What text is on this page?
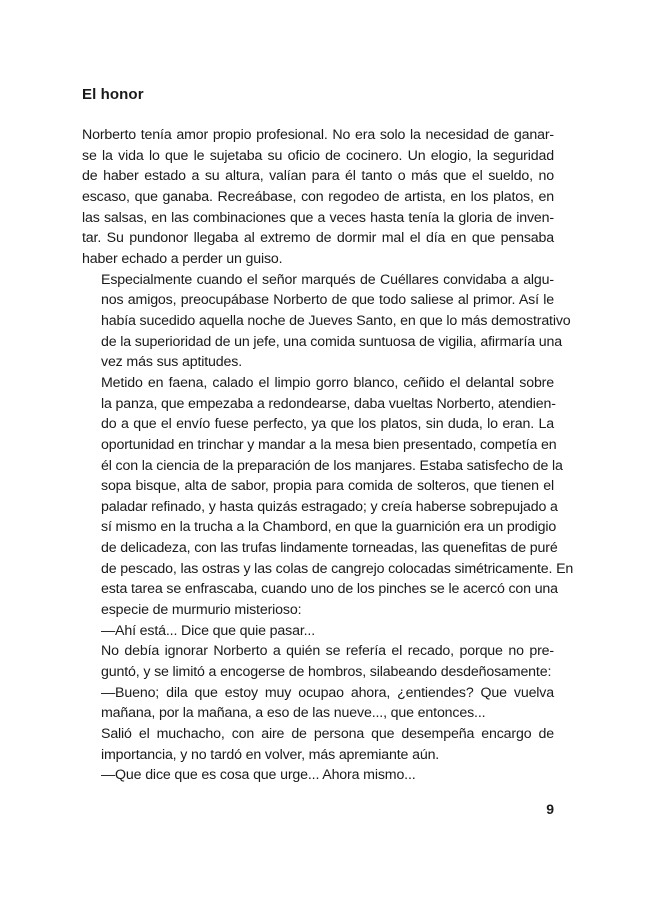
El honor

Norberto tenía amor propio profesional. No era solo la necesidad de ganar-
se la vida lo que le sujetaba su oficio de cocinero. Un elogio, la seguridad
de haber estado a su altura, valían para él tanto o más que el sueldo, no
escaso, que ganaba. Recreábase, con regodeo de artista, en los platos, en
las salsas, en las combinaciones que a veces hasta tenía la gloria de inven-
tar. Su pundonor llegaba al extremo de dormir mal el día en que pensaba
haber echado a perder un guiso.

Especialmente cuando el señor marqués de Cuéllares convidaba a algu-
nos amigos, preocupábase Norberto de que todo saliese al primor. Así le
había sucedido aquella noche de Jueves Santo, en que lo más demostrativo
de la superioridad de un jefe, una comida suntuosa de vigilia, afirmaría una
vez más sus aptitudes.

Metido en faena, calado el limpio gorro blanco, ceñido el delantal sobre
la panza, que empezaba a redondearse, daba vueltas Norberto, atendien-
do a que el envío fuese perfecto, ya que los platos, sin duda, lo eran. La
oportunidad en trinchar y mandar a la mesa bien presentado, competía en
él con la ciencia de la preparación de los manjares. Estaba satisfecho de la
sopa bisque, alta de sabor, propia para comida de solteros, que tienen el
paladar refinado, y hasta quizás estragado; y creía haberse sobrepujado a
sí mismo en la trucha a la Chambord, en que la guarnición era un prodigio
de delicadeza, con las trufas lindamente torneadas, las quenefitas de puré
de pescado, las ostras y las colas de cangrejo colocadas simétricamente. En
esta tarea se enfrascaba, cuando uno de los pinches se le acercó con una
especie de murmurio misterioso:

—Ahí está... Dice que quie pasar...

No debía ignorar Norberto a quién se refería el recado, porque no pre-
guntó, y se limitó a encogerse de hombros, silabeando desdeñosamente:

—Bueno; dila que estoy muy ocupao ahora, ¿entiendes? Que vuelva
mañana, por la mañana, a eso de las nueve..., que entonces...

Salió el muchacho, con aire de persona que desempeña encargo de
importancia, y no tardó en volver, más apremiante aún.

—Que dice que es cosa que urge... Ahora mismo...

9
